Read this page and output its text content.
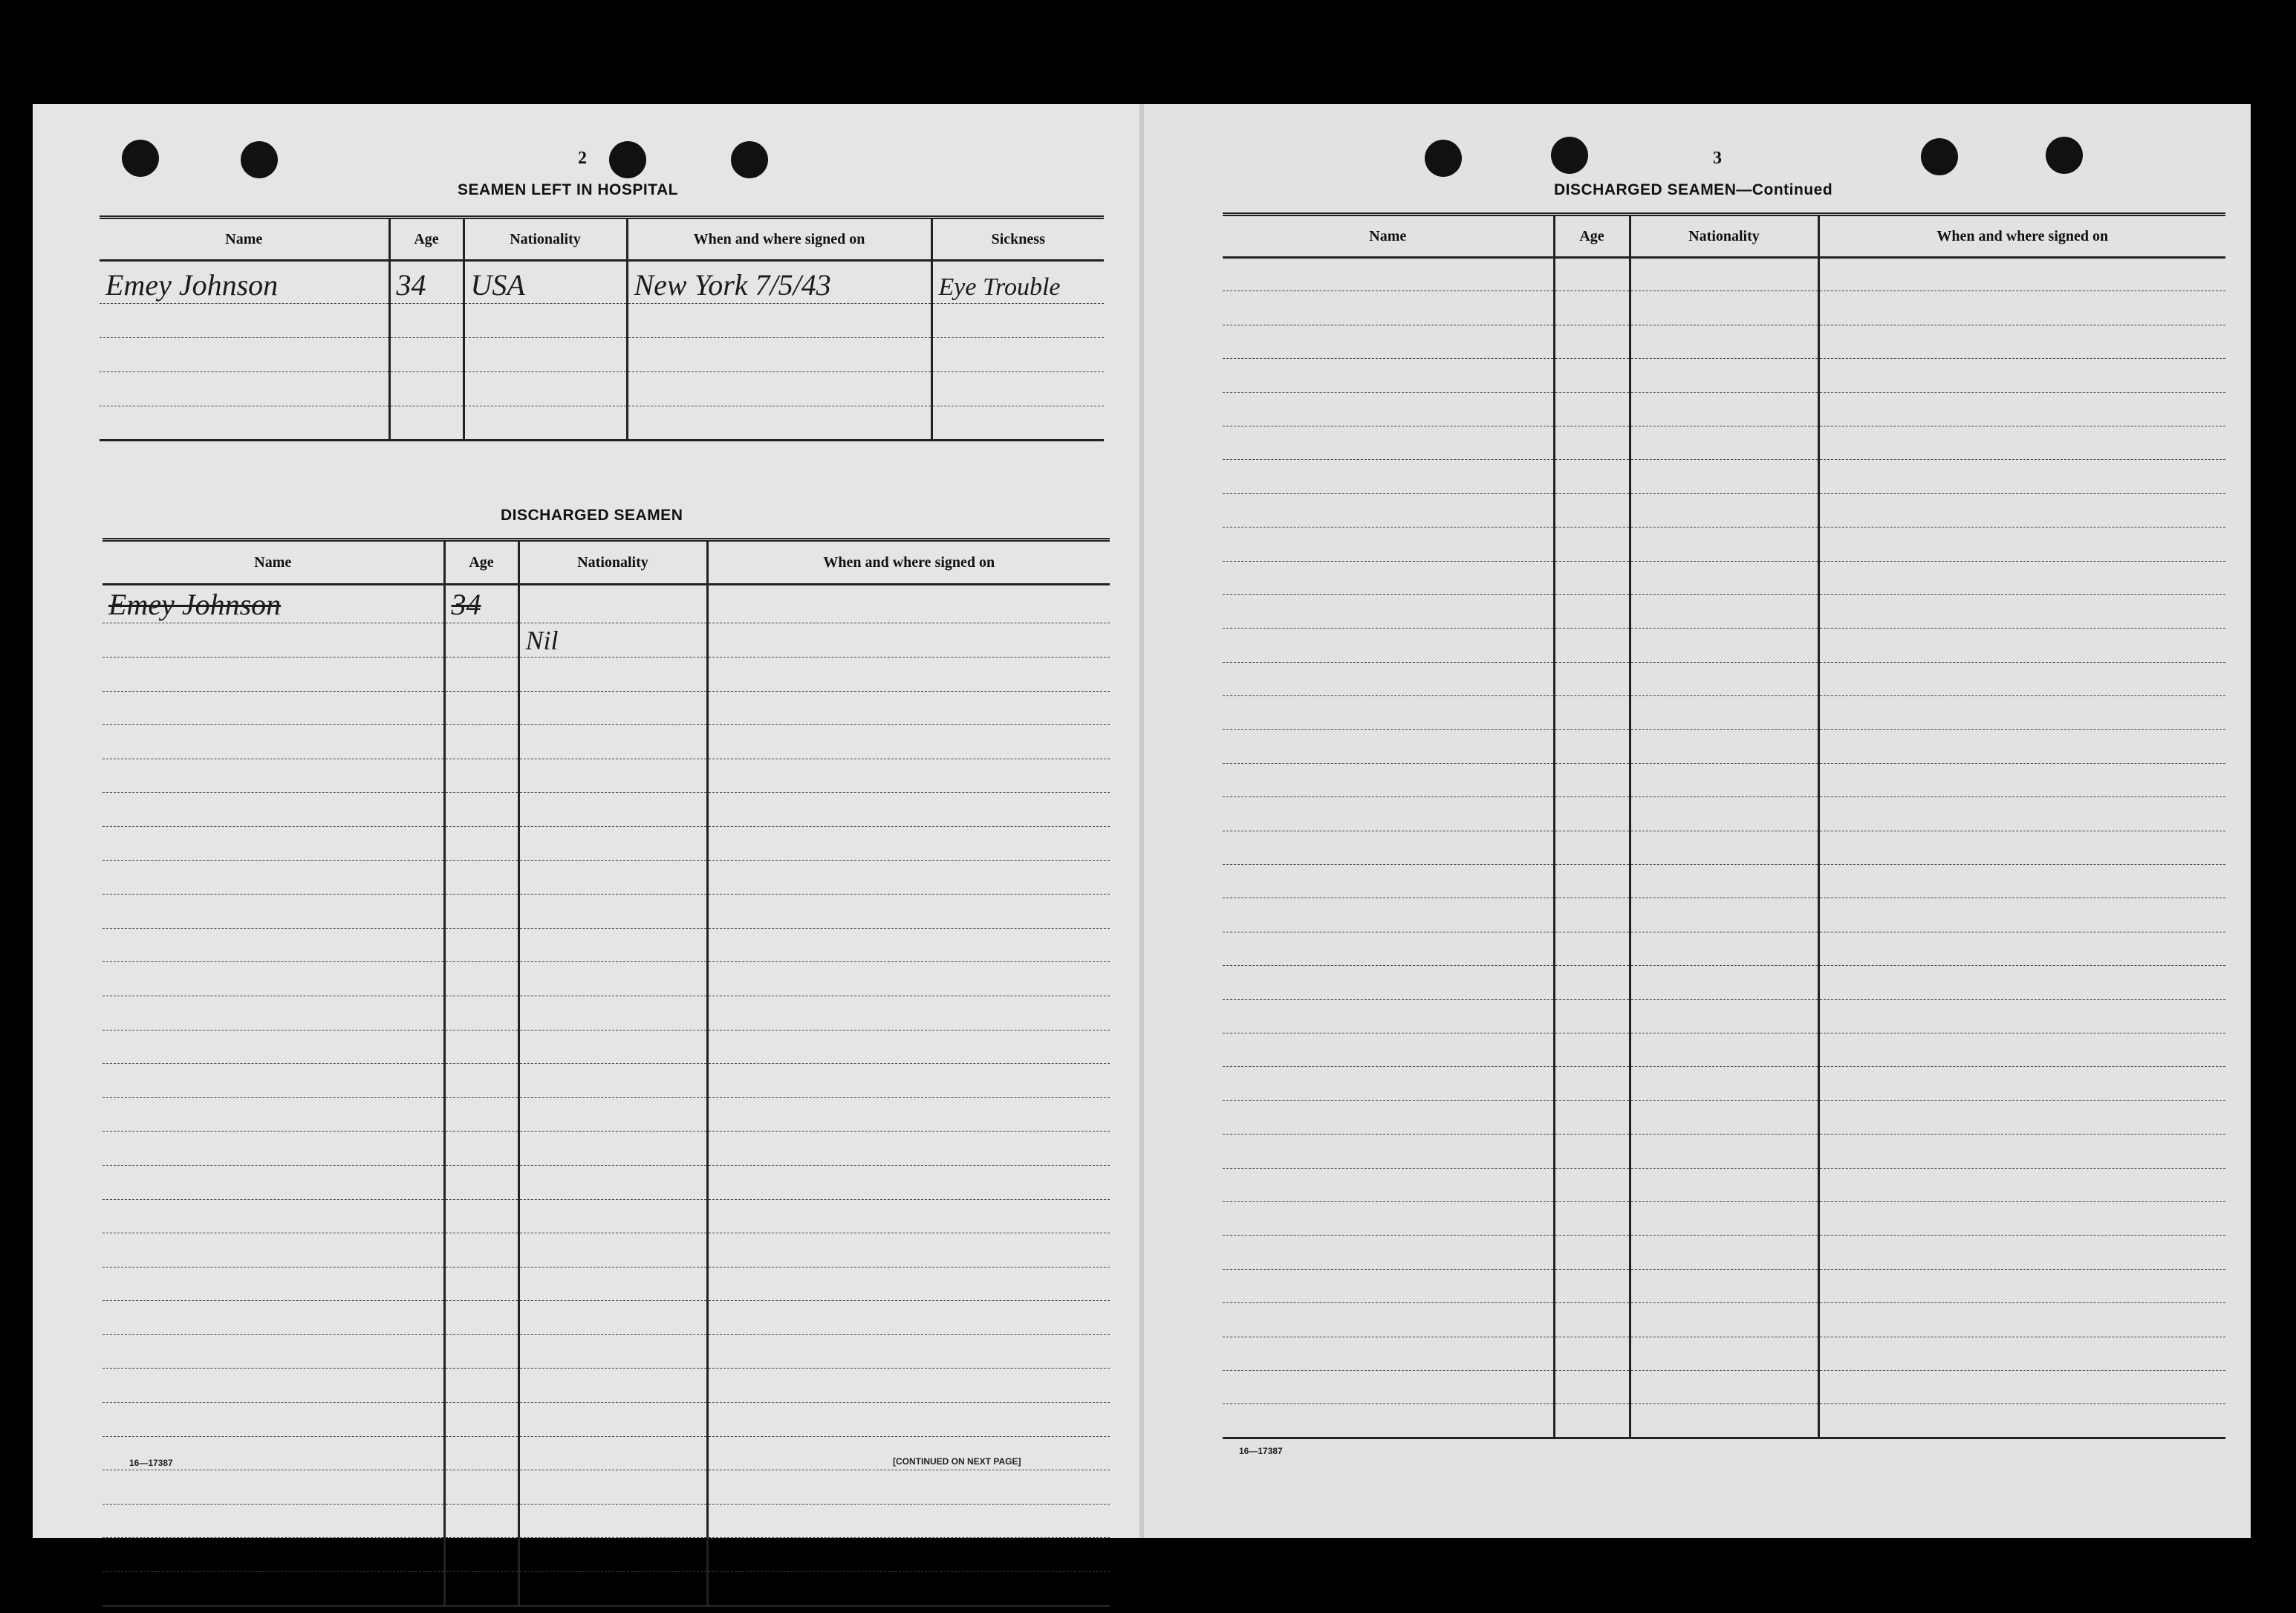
2
SEAMEN LEFT IN HOSPITAL
Name	Age	Nationality	When and where signed on	Sickness

Emey Johnson	34	USA	New York 7/5/43	Eye Trouble

DISCHARGED SEAMEN
Name	Age	Nationality	When and where signed on

Emey Johnson	34		

		Nil	

16—17387	[CONTINUED ON NEXT PAGE]
3
DISCHARGED SEAMEN—Continued
Name	Age	Nationality	When and where signed on

16—17387
